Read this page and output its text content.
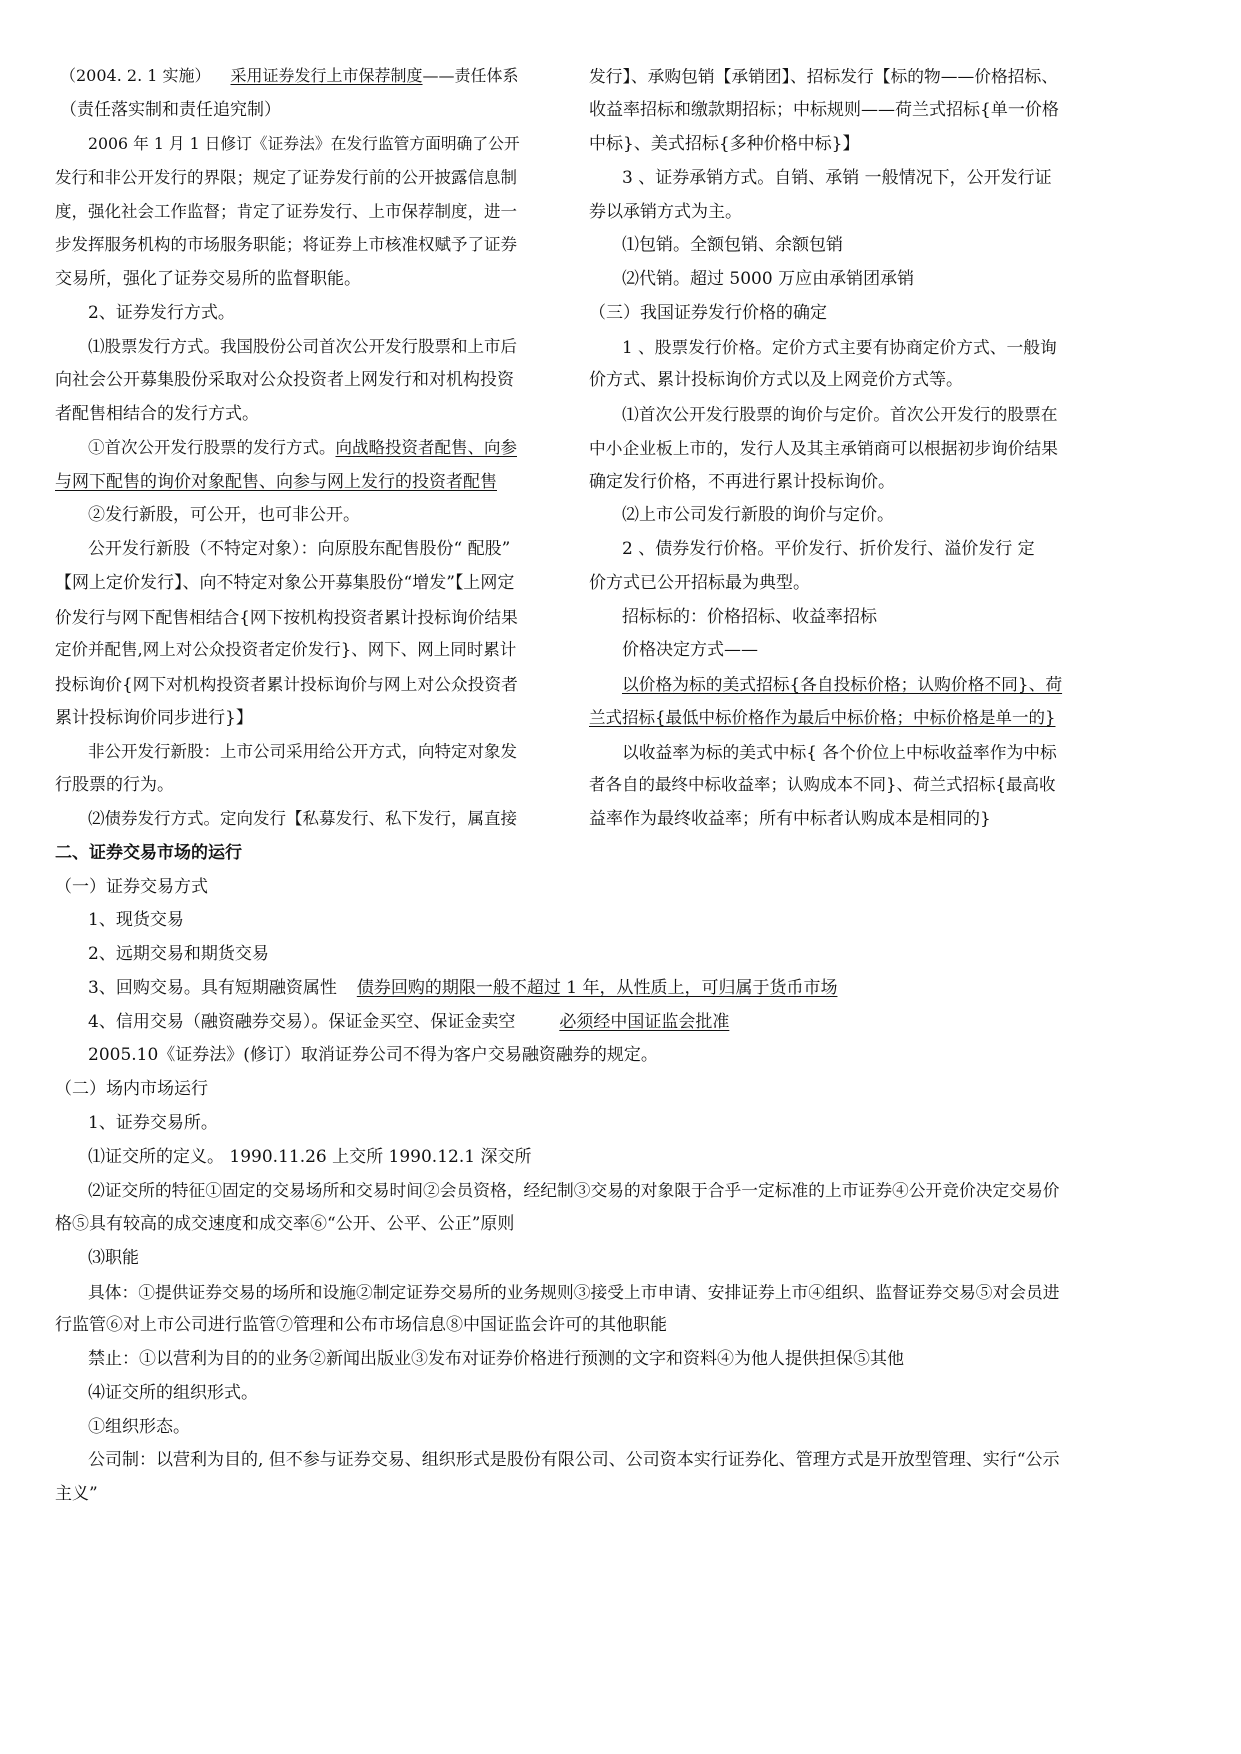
（2004. 2. 1 实施） 采用证券发行上市保荐制度——责任体系
（责任落实制和责任追究制）
2006 年 1 月 1 日修订《证券法》在发行监管方面明确了公开
发行和非公开发行的界限；规定了证券发行前的公开披露信息制
度，强化社会工作监督；肯定了证券发行、上市保荐制度，进一
步发挥服务机构的市场服务职能；将证券上市核准权赋予了证券
交易所，强化了证券交易所的监督职能。
2、证券发行方式。
⑴股票发行方式。我国股份公司首次公开发行股票和上市后
向社会公开募集股份采取对公众投资者上网发行和对机构投资
者配售相结合的发行方式。
①首次公开发行股票的发行方式。向战略投资者配售、向参
与网下配售的询价对象配售、向参与网上发行的投资者配售
②发行新股，可公开，也可非公开。
公开发行新股（不特定对象）：向原股东配售股份“ 配股”
【网上定价发行】、向不特定对象公开募集股份“增发”【上网定
价发行与网下配售相结合{网下按机构投资者累计投标询价结果
定价并配售,网上对公众投资者定价发行}、网下、网上同时累计
投标询价{网下对机构投资者累计投标询价与网上对公众投资者
累计投标询价同步进行}】
非公开发行新股：上市公司采用给公开方式，向特定对象发
行股票的行为。
⑵债券发行方式。定向发行【私募发行、私下发行，属直接
发行】、承购包销【承销团】、招标发行【标的物——价格招标、
收益率招标和缴款期招标；中标规则——荷兰式招标{单一价格
中标}、美式招标{多种价格中标}】
3 、证券承销方式。自销、承销 一般情况下，公开发行证
券以承销方式为主。
⑴包销。全额包销、余额包销
⑵代销。超过 5000 万应由承销团承销
（三）我国证券发行价格的确定
1 、股票发行价格。定价方式主要有协商定价方式、一般询
价方式、累计投标询价方式以及上网竞价方式等。
⑴首次公开发行股票的询价与定价。首次公开发行的股票在
中小企业板上市的，发行人及其主承销商可以根据初步询价结果
确定发行价格，不再进行累计投标询价。
⑵上市公司发行新股的询价与定价。
2 、债券发行价格。平价发行、折价发行、溢价发行 定
价方式已公开招标最为典型。
招标标的：价格招标、收益率招标
价格决定方式——
以价格为标的美式招标{各自投标价格；认购价格不同}、荷
兰式招标{最低中标价格作为最后中标价格；中标价格是单一的}
以收益率为标的美式中标{ 各个价位上中标收益率作为中标
者各自的最终中标收益率；认购成本不同}、荷兰式招标{最高收
益率作为最终收益率；所有中标者认购成本是相同的}
二、证券交易市场的运行
（一）证券交易方式
1、现货交易
2、远期交易和期货交易
3、回购交易。具有短期融资属性 债券回购的期限一般不超过 1 年，从性质上，可归属于货币市场
4、信用交易（融资融券交易）。保证金买空、保证金卖空	必须经中国证监会批准
2005.10《证券法》(修订）取消证券公司不得为客户交易融资融券的规定。
（二）场内市场运行
1、证券交易所。
⑴证交所的定义。 1990.11.26 上交所 1990.12.1 深交所
⑵证交所的特征①固定的交易场所和交易时间②会员资格，经纪制③交易的对象限于合乎一定标准的上市证券④公开竞价决定交易价
格⑤具有较高的成交速度和成交率⑥“公开、公平、公正”原则
⑶职能
具体：①提供证券交易的场所和设施②制定证券交易所的业务规则③接受上市申请、安排证券上市④组织、监督证券交易⑤对会员进
行监管⑥对上市公司进行监管⑦管理和公布市场信息⑧中国证监会许可的其他职能
禁止：①以营利为目的的业务②新闻出版业③发布对证券价格进行预测的文字和资料④为他人提供担保⑤其他
⑷证交所的组织形式。
①组织形态。
公司制：以营利为目的, 但不参与证券交易、组织形式是股份有限公司、公司资本实行证券化、管理方式是开放型管理、实行“公示
主义”
